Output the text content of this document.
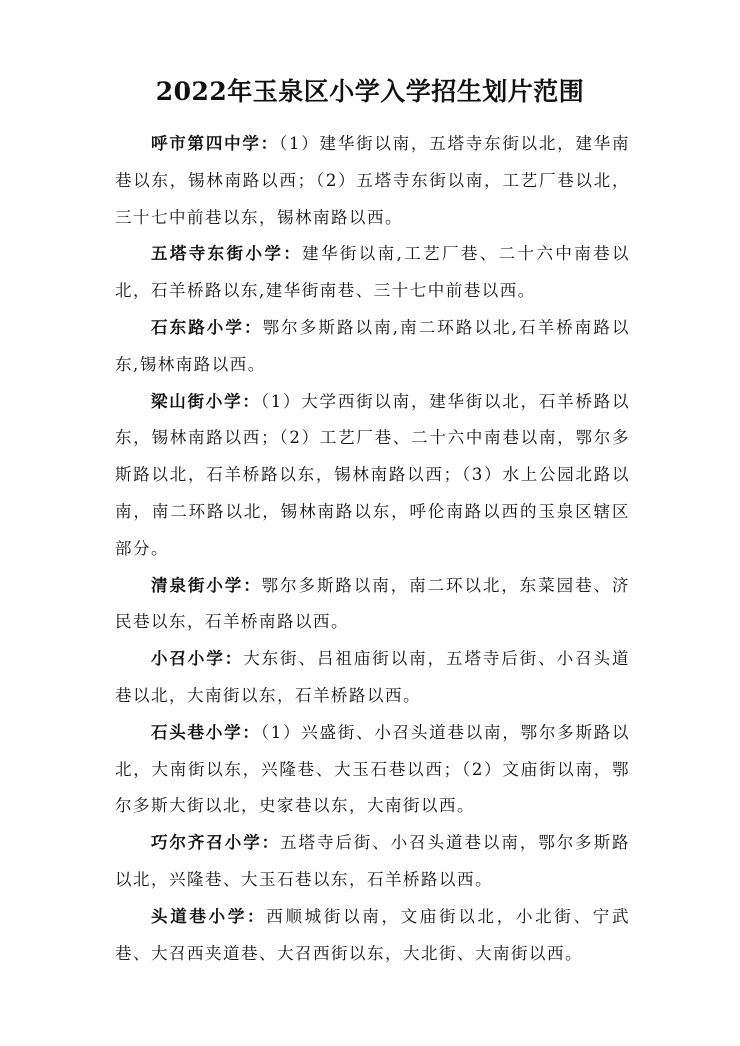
2022年玉泉区小学入学招生划片范围

呼市第四中学：（1）建华街以南，五塔寺东街以北，建华南巷以东，锡林南路以西；（2）五塔寺东街以南，工艺厂巷以北，三十七中前巷以东，锡林南路以西。

五塔寺东街小学：建华街以南,工艺厂巷、二十六中南巷以北，石羊桥路以东,建华街南巷、三十七中前巷以西。

石东路小学：鄂尔多斯路以南,南二环路以北,石羊桥南路以东,锡林南路以西。

梁山街小学：（1）大学西街以南，建华街以北，石羊桥路以东，锡林南路以西；（2）工艺厂巷、二十六中南巷以南，鄂尔多斯路以北，石羊桥路以东，锡林南路以西；（3）水上公园北路以南，南二环路以北，锡林南路以东，呼伦南路以西的玉泉区辖区部分。

清泉街小学：鄂尔多斯路以南，南二环以北，东菜园巷、济民巷以东，石羊桥南路以西。

小召小学：大东街、吕祖庙街以南，五塔寺后街、小召头道巷以北，大南街以东，石羊桥路以西。

石头巷小学：（1）兴盛街、小召头道巷以南，鄂尔多斯路以北，大南街以东，兴隆巷、大玉石巷以西；（2）文庙街以南，鄂尔多斯大街以北，史家巷以东，大南街以西。

巧尔齐召小学：五塔寺后街、小召头道巷以南，鄂尔多斯路以北，兴隆巷、大玉石巷以东，石羊桥路以西。

头道巷小学：西顺城街以南，文庙街以北，小北街、宁武巷、大召西夹道巷、大召西街以东，大北街、大南街以西。
